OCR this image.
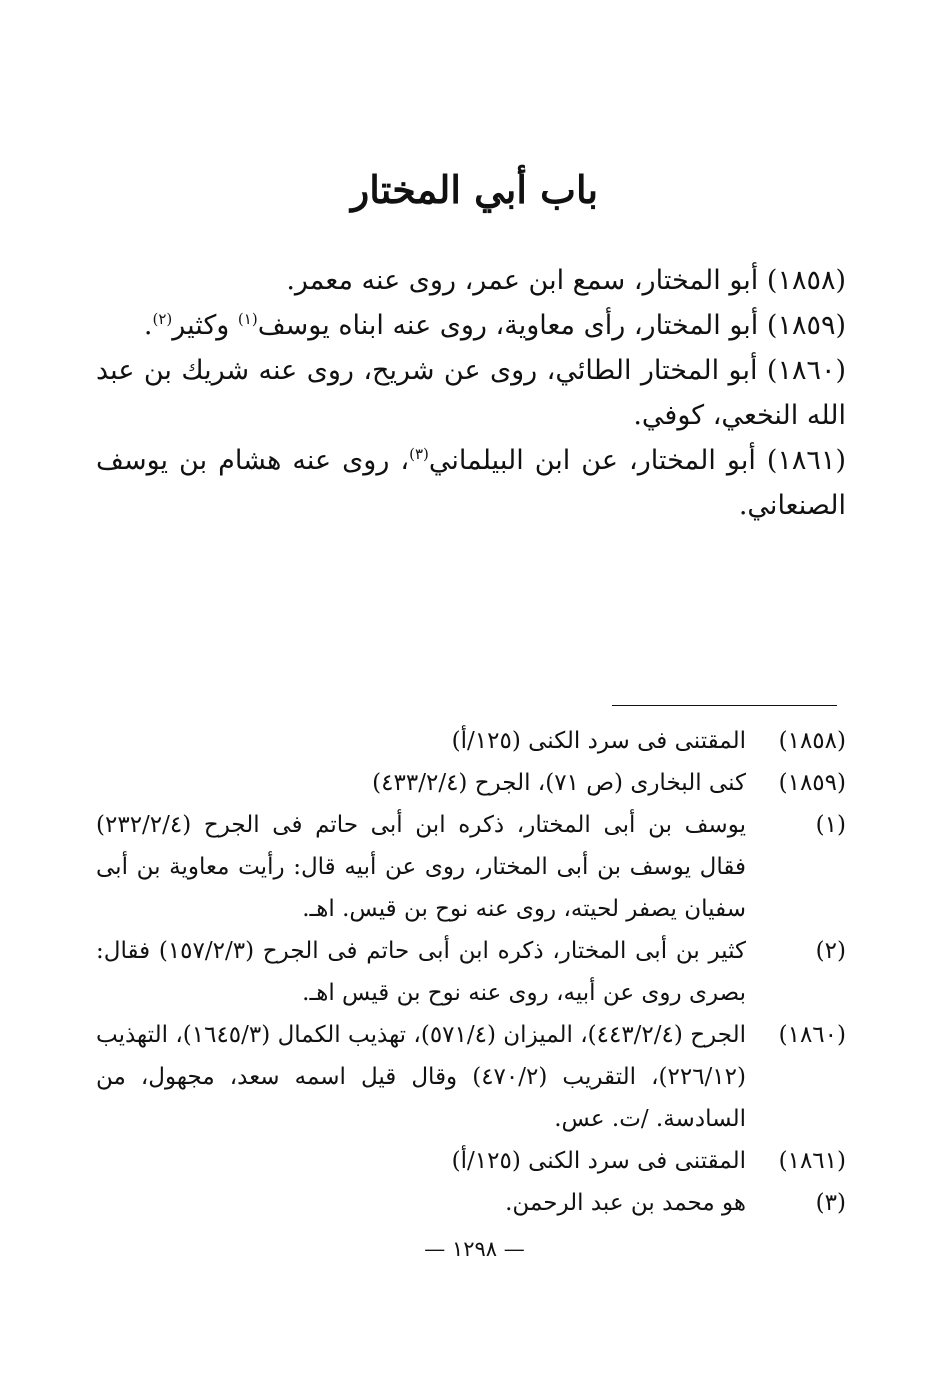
باب أبي المختار

(١٨٥٨) أبو المختار، سمع ابن عمر، روى عنه معمر.

(١٨٥٩) أبو المختار، رأى معاوية، روى عنه ابناه يوسف$^{(١)}$ وكثير$^{(٢)}$.

(١٨٦٠) أبو المختار الطائي، روى عن شريح، روى عنه شريك بن عبد الله النخعي، كوفي.

(١٨٦١) أبو المختار، عن ابن البيلماني$^{(٣)}$، روى عنه هشام بن يوسف الصنعاني.

(١٨٥٨)
المقتنى فى سرد الكنى (١٢٥/أ)
(١٨٥٩)
كنى البخارى (ص ٧١)، الجرح (٤٣٣/٢/٤)
(١)
يوسف بن أبى المختار، ذكره ابن أبى حاتم فى الجرح (٢٣٢/٢/٤) فقال يوسف بن أبى المختار، روى عن أبيه قال: رأيت معاوية بن أبى سفيان يصفر لحيته، روى عنه نوح بن قيس. اهـ.
(٢)
كثير بن أبى المختار، ذكره ابن أبى حاتم فى الجرح (١٥٧/٢/٣) فقال: بصرى روى عن أبيه، روى عنه نوح بن قيس اهـ.
(١٨٦٠)
الجرح (٤٤٣/٢/٤)، الميزان (٥٧١/٤)، تهذيب الكمال (١٦٤٥/٣)، التهذيب (٢٢٦/١٢)، التقريب (٤٧٠/٢) وقال قيل اسمه سعد، مجهول، من السادسة. /ت. عس.
(١٨٦١)
المقتنى فى سرد الكنى (١٢٥/أ)
(٣)
هو محمد بن عبد الرحمن.
— ١٢٩٨ —
